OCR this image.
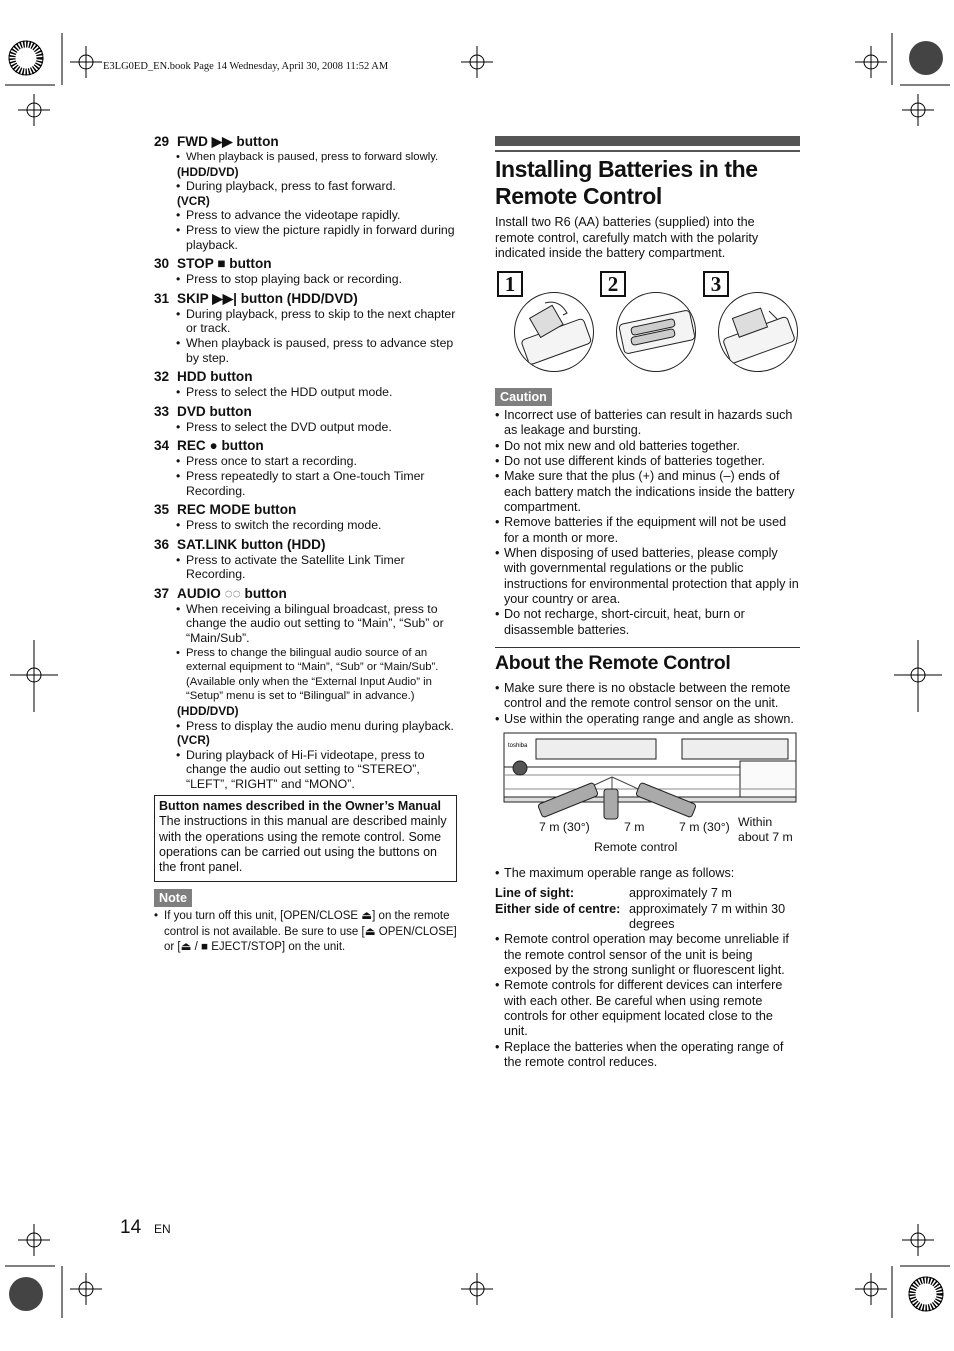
E3LG0ED_EN.book Page 14 Wednesday, April 30, 2008 11:52 AM
29 FWD ▶▶ button
• When playback is paused, press to forward slowly.
(HDD/DVD)
• During playback, press to fast forward.
(VCR)
• Press to advance the videotape rapidly.
• Press to view the picture rapidly in forward during playback.
30 STOP ■ button
• Press to stop playing back or recording.
31 SKIP ▶▶| button (HDD/DVD)
• During playback, press to skip to the next chapter or track.
• When playback is paused, press to advance step by step.
32 HDD button
• Press to select the HDD output mode.
33 DVD button
• Press to select the DVD output mode.
34 REC ● button
• Press once to start a recording.
• Press repeatedly to start a One-touch Timer Recording.
35 REC MODE button
• Press to switch the recording mode.
36 SAT.LINK button (HDD)
• Press to activate the Satellite Link Timer Recording.
37 AUDIO ◌◌ button
• When receiving a bilingual broadcast, press to change the audio out setting to “Main”, “Sub” or “Main/Sub”.
• Press to change the bilingual audio source of an external equipment to “Main”, “Sub” or “Main/Sub”. (Available only when the “External Input Audio” in “Setup” menu is set to “Bilingual” in advance.)
(HDD/DVD)
• Press to display the audio menu during playback.
(VCR)
• During playback of Hi-Fi videotape, press to change the audio out setting to “STEREO”, “LEFT”, “RIGHT” and “MONO”.
Button names described in the Owner’s Manual
The instructions in this manual are described mainly with the operations using the remote control. Some operations can be carried out using the buttons on the front panel.
Note
• If you turn off this unit, [OPEN/CLOSE ⏏] on the remote control is not available. Be sure to use [⏏ OPEN/CLOSE] or [⏏ / ■ EJECT/STOP] on the unit.
Installing Batteries in the Remote Control
Install two R6 (AA) batteries (supplied) into the remote control, carefully match with the polarity indicated inside the battery compartment.
1	2	3
Caution
• Incorrect use of batteries can result in hazards such as leakage and bursting.
• Do not mix new and old batteries together.
• Do not use different kinds of batteries together.
• Make sure that the plus (+) and minus (–) ends of each battery match the indications inside the battery compartment.
• Remove batteries if the equipment will not be used for a month or more.
• When disposing of used batteries, please comply with governmental regulations or the public instructions for environmental protection that apply in your country or area.
• Do not recharge, short-circuit, heat, burn or disassemble batteries.
About the Remote Control
• Make sure there is no obstacle between the remote control and the remote control sensor on the unit.
• Use within the operating range and angle as shown.
toshiba
7 m (30°)	7 m	7 m (30°) Within about 7 m
Remote control
• The maximum operable range as follows:
Line of sight:	approximately 7 m
Either side of centre: approximately 7 m within 30 degrees
• Remote control operation may become unreliable if the remote control sensor of the unit is being exposed by the strong sunlight or fluorescent light.
• Remote controls for different devices can interfere with each other. Be careful when using remote controls for other equipment located close to the unit.
• Replace the batteries when the operating range of the remote control reduces.
14 EN
